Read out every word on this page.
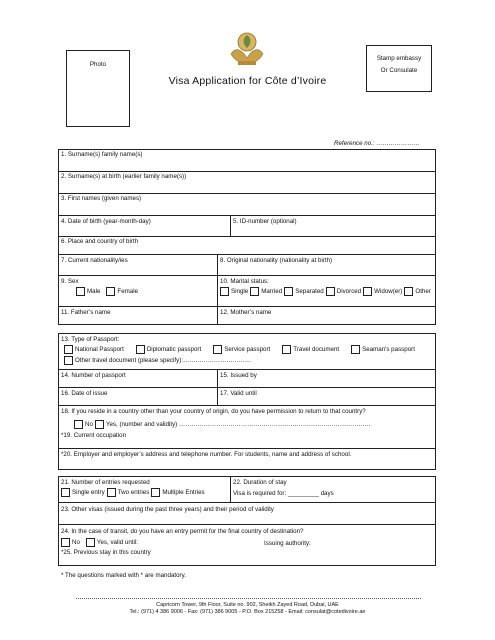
Photo
Visa Application for Côte d’Ivoire
Stamp embassy
Or Consulate
Reference no.: …………………
1. Surname(s) family name(s)
2. Surname(s) at birth (earlier family name(s))
3. First names (given names)
4. Date of birth (year-month-day)	5. ID-number (optional)
6. Place and country of birth
7. Current nationality/ies	8. Original nationality (nationality at birth)
9. Sex
Male	Female
10. Marital status:
Single Married Separated Divorced Widow(er) Other
11. Father’s name	12. Mother’s name
13. Type of Passport:
National Passport	Diplomatic passport	Service passport	Travel document	Seaman's passport
Other travel document (please specify):……………………………
14. Number of passport	15. Issued by
16. Date of issue	17. Valid until
18. If you reside in a country other than your country of origin, do you have permission to return to that country?
No Yes, (number and validity) …………………………………………………………………………………
*19. Current occupation
*20. Employer and employer’s address and telephone number. For students, name and address of school.
21. Number of entries requested
Single entry Two entries Multiple Entries
22. Duration of stay
Visa is required for: _________ days
23. Other visas (issued during the past three years) and their period of validity
24. In the case of transit, do you have an entry permit for the final country of destination?
No	Yes, valid until:	Issuing authority:
*25. Previous stay in this country
* The questions marked with * are mandatory.
Capricorn Tower, 9th Floor, Suite no. 902, Sheikh Zayed Road, Dubai, UAE
Tel.: (971) 4 386 9006 - Fax: (971) 386 9005 - P.O. Box 215258 - Email: consulat@cotedivoire.ae
